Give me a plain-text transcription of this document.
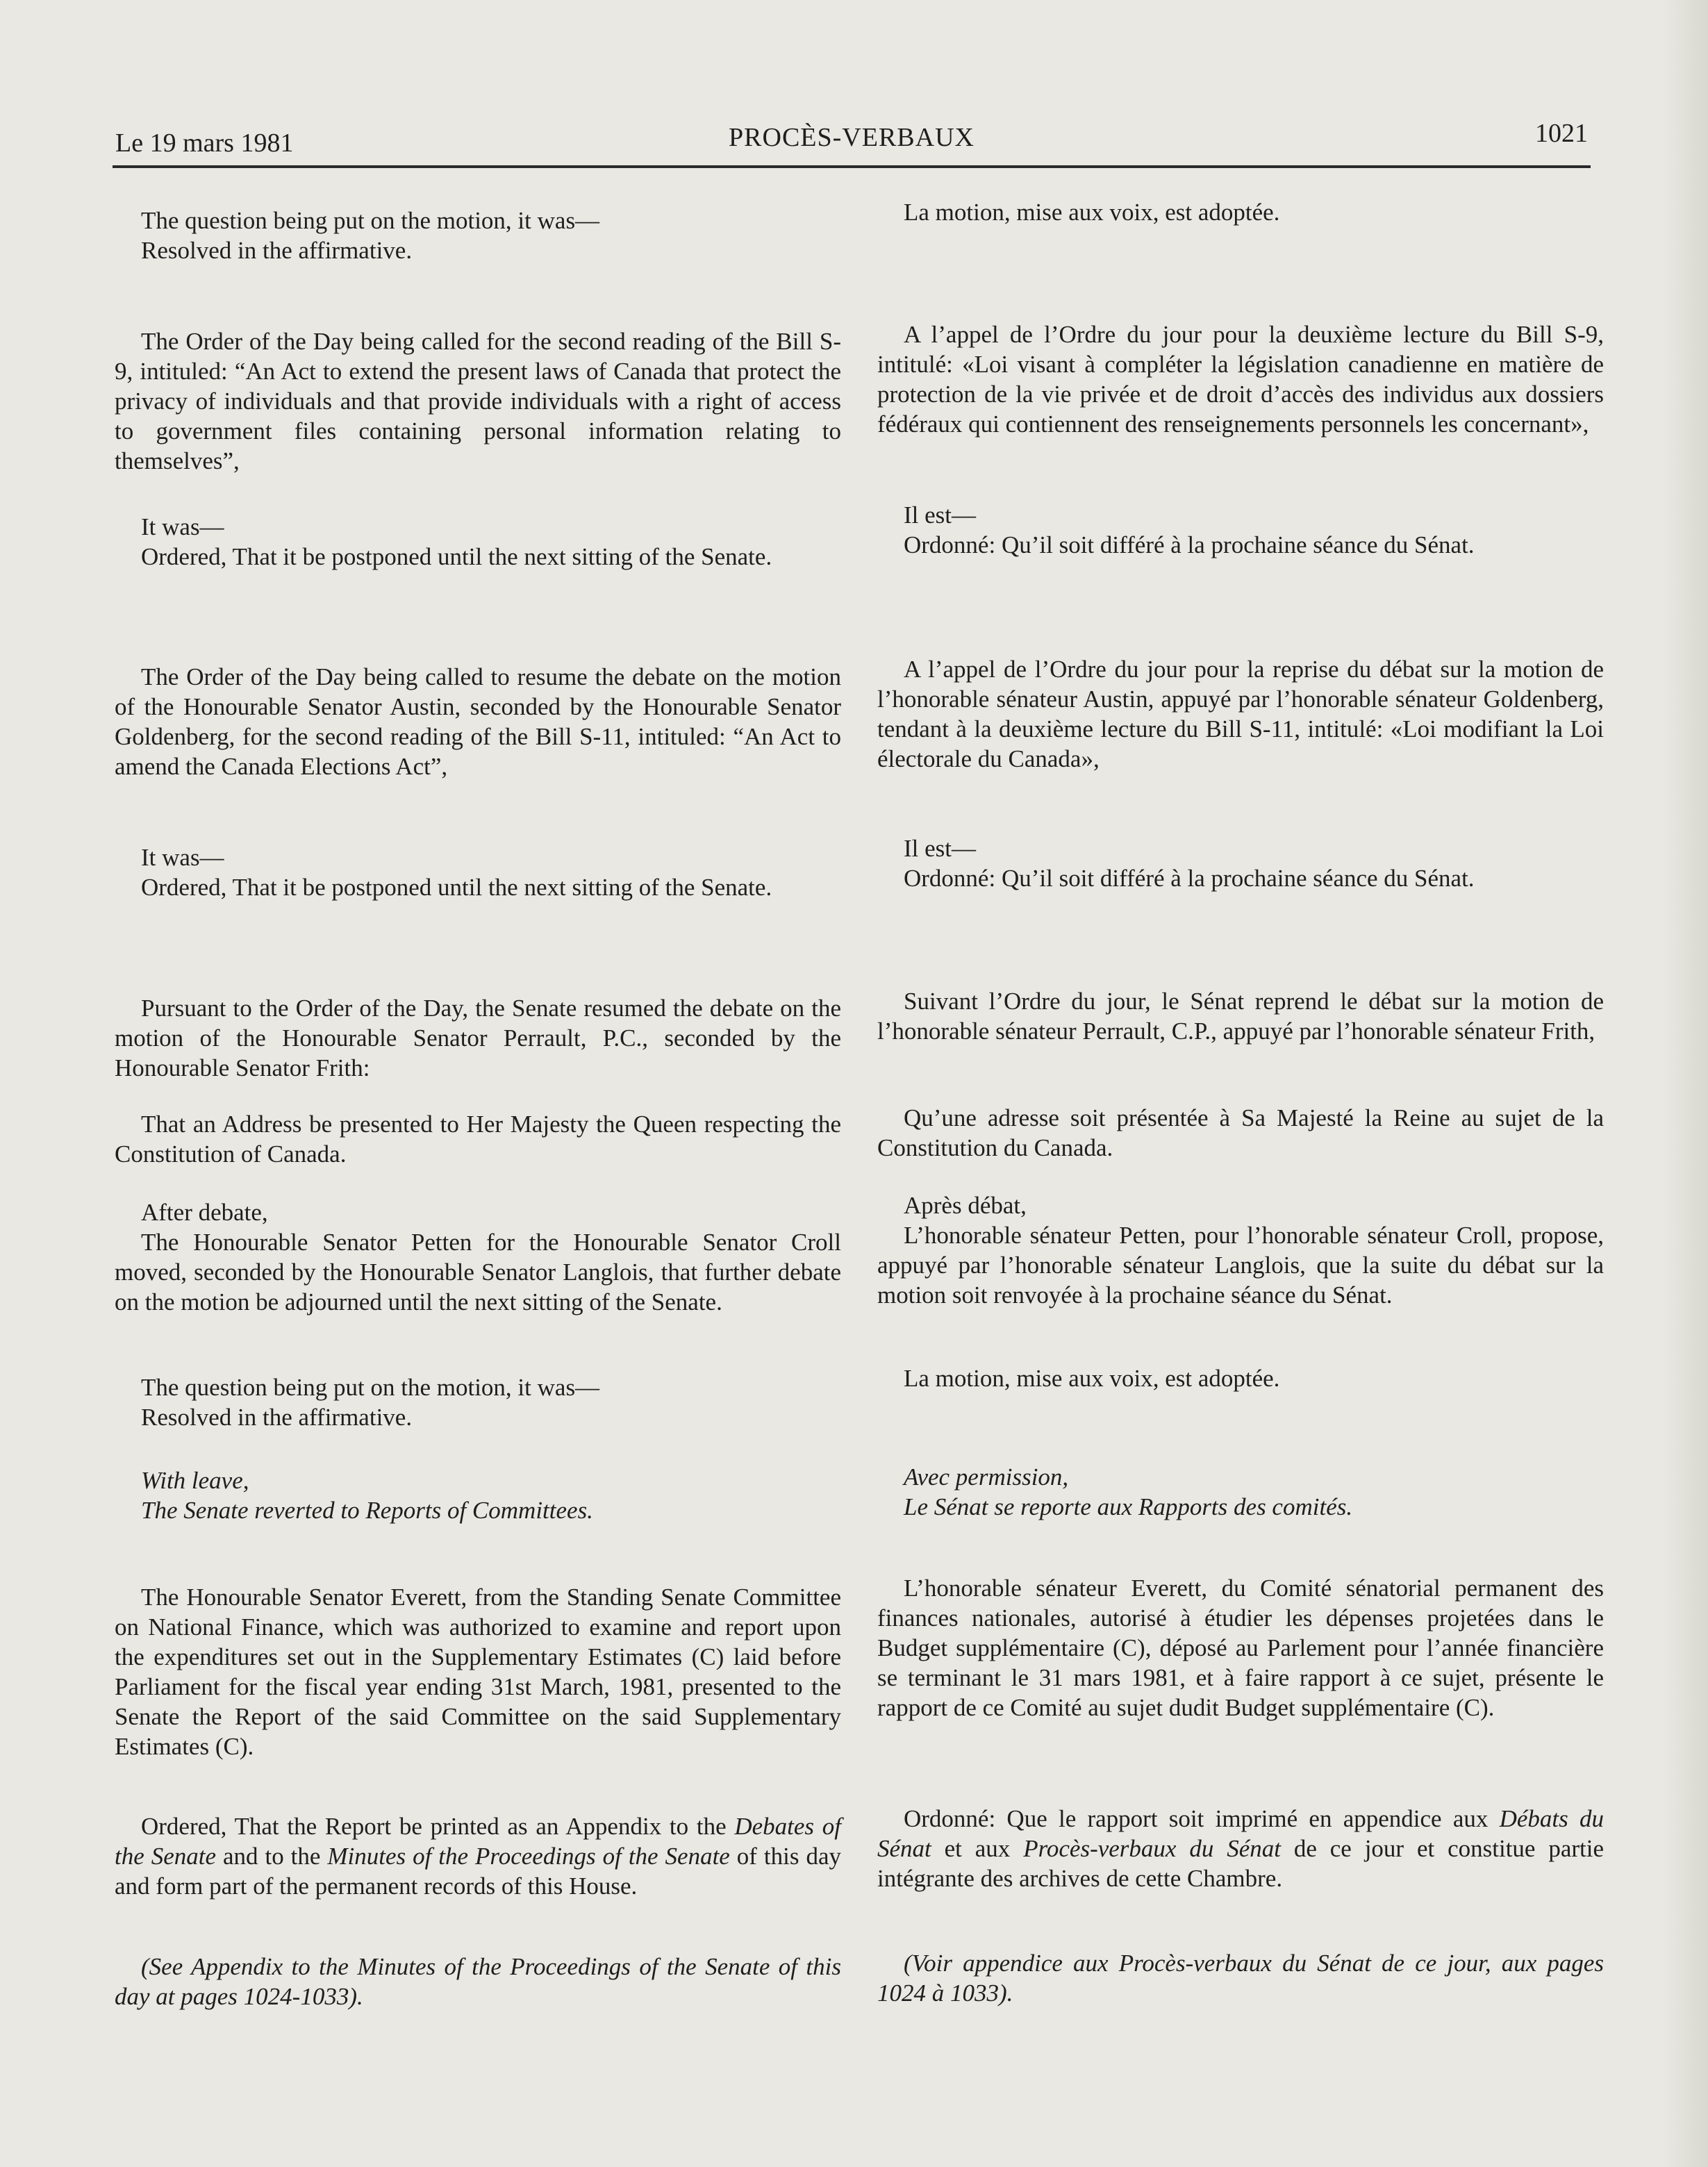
Le 19 mars 1981	PROCÈS-VERBAUX	1021

The question being put on the motion, it was—

Resolved in the affirmative.

The Order of the Day being called for the second reading of the Bill S-9, intituled: “An Act to extend the present laws of Canada that protect the privacy of individuals and that provide individuals with a right of access to government files containing personal information relating to themselves”,

It was—

Ordered, That it be postponed until the next sitting of the Senate.

The Order of the Day being called to resume the debate on the motion of the Honourable Senator Austin, seconded by the Honourable Senator Goldenberg, for the second reading of the Bill S-11, intituled: “An Act to amend the Canada Elections Act”,

It was—

Ordered, That it be postponed until the next sitting of the Senate.

Pursuant to the Order of the Day, the Senate resumed the debate on the motion of the Honourable Senator Perrault, P.C., seconded by the Honourable Senator Frith:

That an Address be presented to Her Majesty the Queen respecting the Constitution of Canada.

After debate,

The Honourable Senator Petten for the Honourable Senator Croll moved, seconded by the Honourable Senator Langlois, that further debate on the motion be adjourned until the next sitting of the Senate.

The question being put on the motion, it was—

Resolved in the affirmative.

With leave,

The Senate reverted to Reports of Committees.

The Honourable Senator Everett, from the Standing Senate Committee on National Finance, which was authorized to examine and report upon the expenditures set out in the Supplementary Estimates (C) laid before Parliament for the fiscal year ending 31st March, 1981, presented to the Senate the Report of the said Committee on the said Supplementary Estimates (C).

Ordered, That the Report be printed as an Appendix to the Debates of the Senate and to the Minutes of the Proceedings of the Senate of this day and form part of the permanent records of this House.

(See Appendix to the Minutes of the Proceedings of the Senate of this day at pages 1024-1033).

La motion, mise aux voix, est adoptée.

A l’appel de l’Ordre du jour pour la deuxième lecture du Bill S-9, intitulé: «Loi visant à compléter la législation canadienne en matière de protection de la vie privée et de droit d’accès des individus aux dossiers fédéraux qui contiennent des renseignements personnels les concernant»,

Il est—

Ordonné: Qu’il soit différé à la prochaine séance du Sénat.

A l’appel de l’Ordre du jour pour la reprise du débat sur la motion de l’honorable sénateur Austin, appuyé par l’honorable sénateur Goldenberg, tendant à la deuxième lecture du Bill S-11, intitulé: «Loi modifiant la Loi électorale du Canada»,

Il est—

Ordonné: Qu’il soit différé à la prochaine séance du Sénat.

Suivant l’Ordre du jour, le Sénat reprend le débat sur la motion de l’honorable sénateur Perrault, C.P., appuyé par l’honorable sénateur Frith,

Qu’une adresse soit présentée à Sa Majesté la Reine au sujet de la Constitution du Canada.

Après débat,

L’honorable sénateur Petten, pour l’honorable sénateur Croll, propose, appuyé par l’honorable sénateur Langlois, que la suite du débat sur la motion soit renvoyée à la prochaine séance du Sénat.

La motion, mise aux voix, est adoptée.

Avec permission,

Le Sénat se reporte aux Rapports des comités.

L’honorable sénateur Everett, du Comité sénatorial permanent des finances nationales, autorisé à étudier les dépenses projetées dans le Budget supplémentaire (C), déposé au Parlement pour l’année financière se terminant le 31 mars 1981, et à faire rapport à ce sujet, présente le rapport de ce Comité au sujet dudit Budget supplémentaire (C).

Ordonné: Que le rapport soit imprimé en appendice aux Débats du Sénat et aux Procès-verbaux du Sénat de ce jour et constitue partie intégrante des archives de cette Chambre.

(Voir appendice aux Procès-verbaux du Sénat de ce jour, aux pages 1024 à 1033).
